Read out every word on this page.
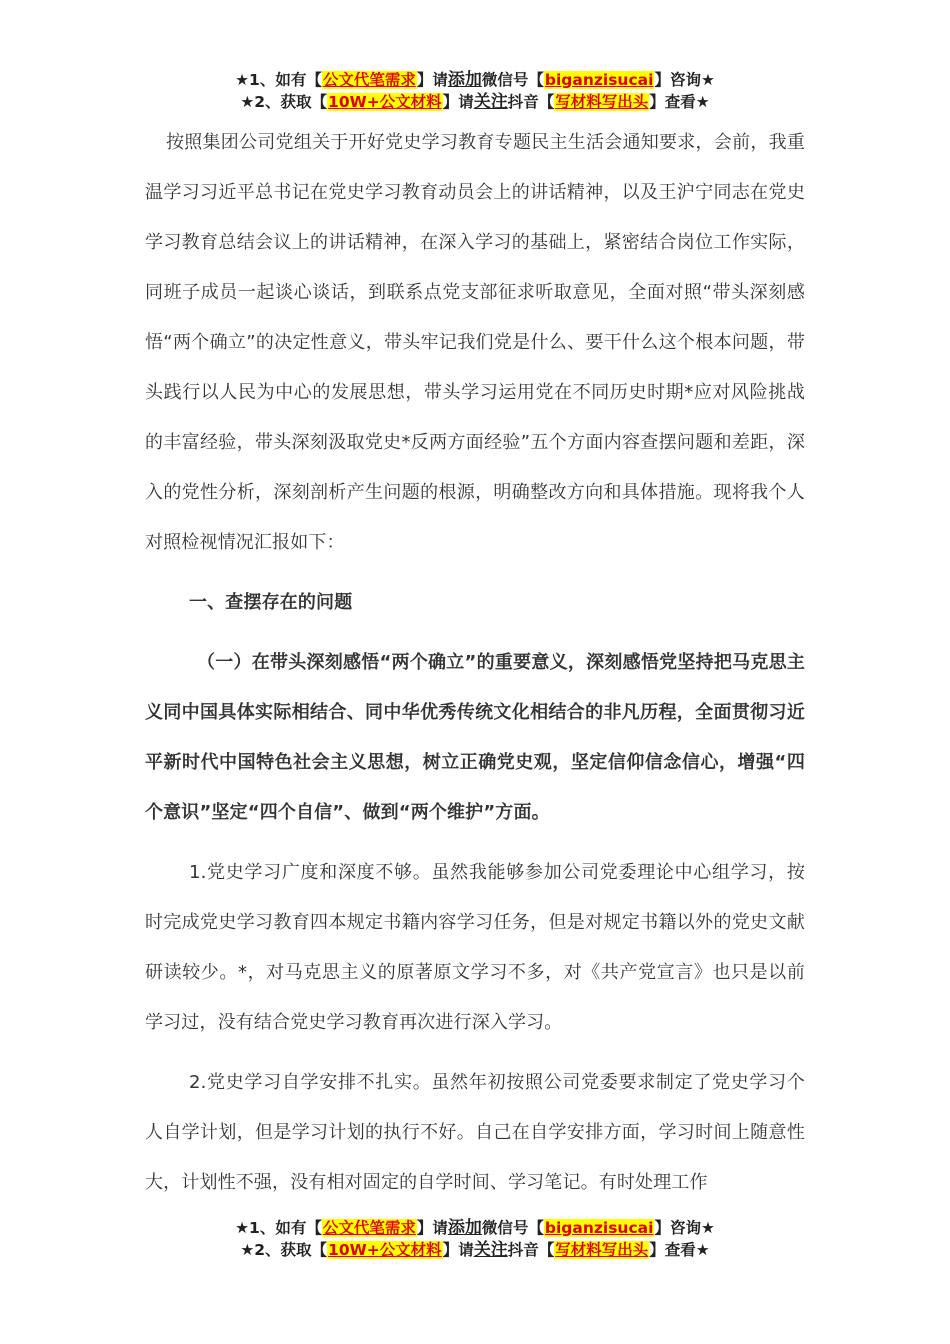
★1、如有【公文代笔需求】请添加微信号【biganzisucai】咨询★
★2、获取【10W+公文材料】请关注抖音【写材料写出头】查看★
按照集团公司党组关于开好党史学习教育专题民主生活会通知要求，会前，我重温学习习近平总书记在党史学习教育动员会上的讲话精神，以及王沪宁同志在党史学习教育总结会议上的讲话精神，在深入学习的基础上，紧密结合岗位工作实际，同班子成员一起谈心谈话，到联系点党支部征求听取意见，全面对照“带头深刻感悟“两个确立”的决定性意义，带头牢记我们党是什么、要干什么这个根本问题，带头践行以人民为中心的发展思想，带头学习运用党在不同历史时期*应对风险挑战的丰富经验，带头深刻汲取党史*反两方面经验”五个方面内容查摆问题和差距，深入的党性分析，深刻剖析产生问题的根源，明确整改方向和具体措施。现将我个人对照检视情况汇报如下：
一、查摆存在的问题
（一）在带头深刻感悟“两个确立”的重要意义，深刻感悟党坚持把马克思主义同中国具体实际相结合、同中华优秀传统文化相结合的非凡历程，全面贯彻习近平新时代中国特色社会主义思想，树立正确党史观，坚定信仰信念信心，增强“四个意识”坚定“四个自信”、做到“两个维护”方面。
1.党史学习广度和深度不够。虽然我能够参加公司党委理论中心组学习，按时完成党史学习教育四本规定书籍内容学习任务，但是对规定书籍以外的党史文献研读较少。*，对马克思主义的原著原文学习不多，对《共产党宣言》也只是以前学习过，没有结合党史学习教育再次进行深入学习。
2.党史学习自学安排不扎实。虽然年初按照公司党委要求制定了党史学习个人自学计划，但是学习计划的执行不好。自己在自学安排方面，学习时间上随意性大，计划性不强，没有相对固定的自学时间、学习笔记。有时处理工作
★1、如有【公文代笔需求】请添加微信号【biganzisucai】咨询★
★2、获取【10W+公文材料】请关注抖音【写材料写出头】查看★
